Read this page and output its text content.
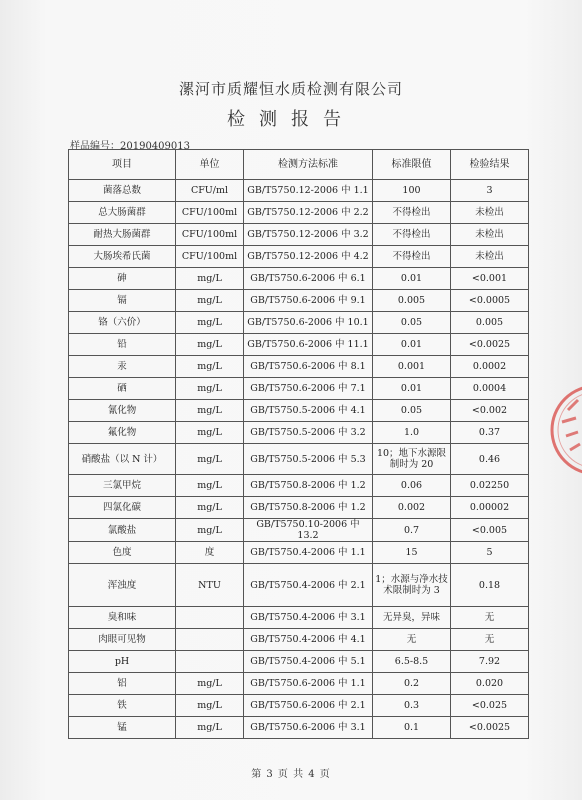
漯河市质耀恒水质检测有限公司
检测报告
样品编号：20190409013
项目	单位	检测方法标准	标准限值	检验结果
菌落总数	CFU/ml	GB/T5750.12-2006 中 1.1	100	3
总大肠菌群	CFU/100ml	GB/T5750.12-2006 中 2.2	不得检出	未检出
耐热大肠菌群	CFU/100ml	GB/T5750.12-2006 中 3.2	不得检出	未检出
大肠埃希氏菌	CFU/100ml	GB/T5750.12-2006 中 4.2	不得检出	未检出
砷	mg/L	GB/T5750.6-2006 中 6.1	0.01	<0.001
镉	mg/L	GB/T5750.6-2006 中 9.1	0.005	<0.0005
铬（六价）	mg/L	GB/T5750.6-2006 中 10.1	0.05	0.005
铅	mg/L	GB/T5750.6-2006 中 11.1	0.01	<0.0025
汞	mg/L	GB/T5750.6-2006 中 8.1	0.001	0.0002
硒	mg/L	GB/T5750.6-2006 中 7.1	0.01	0.0004
氰化物	mg/L	GB/T5750.5-2006 中 4.1	0.05	<0.002
氟化物	mg/L	GB/T5750.5-2006 中 3.2	1.0	0.37
硝酸盐（以 N 计）	mg/L	GB/T5750.5-2006 中 5.3	10；地下水源限制时为 20	0.46
三氯甲烷	mg/L	GB/T5750.8-2006 中 1.2	0.06	0.02250
四氯化碳	mg/L	GB/T5750.8-2006 中 1.2	0.002	0.00002
氯酸盐	mg/L	GB/T5750.10-2006 中 13.2	0.7	<0.005
色度	度	GB/T5750.4-2006 中 1.1	15	5
浑浊度	NTU	GB/T5750.4-2006 中 2.1	1；水源与净水技术限制时为 3	0.18
臭和味		GB/T5750.4-2006 中 3.1	无异臭，异味	无
肉眼可见物		GB/T5750.4-2006 中 4.1	无	无
pH		GB/T5750.4-2006 中 5.1	6.5-8.5	7.92
铝	mg/L	GB/T5750.6-2006 中 1.1	0.2	0.020
铁	mg/L	GB/T5750.6-2006 中 2.1	0.3	<0.025
锰	mg/L	GB/T5750.6-2006 中 3.1	0.1	<0.0025
第 3 页 共 4 页
